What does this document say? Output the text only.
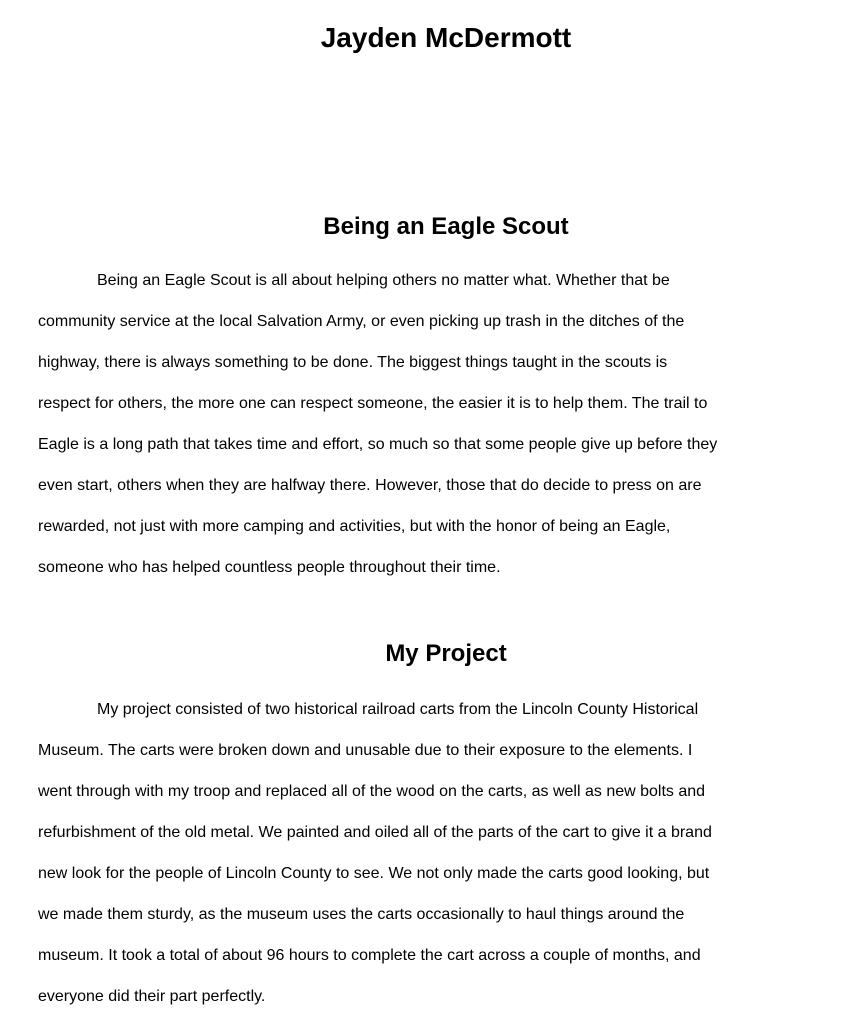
Jayden McDermott
Being an Eagle Scout
Being an Eagle Scout is all about helping others no matter what. Whether that be
community service at the local Salvation Army, or even picking up trash in the ditches of the
highway, there is always something to be done. The biggest things taught in the scouts is
respect for others, the more one can respect someone, the easier it is to help them. The trail to
Eagle is a long path that takes time and effort, so much so that some people give up before they
even start, others when they are halfway there. However, those that do decide to press on are
rewarded, not just with more camping and activities, but with the honor of being an Eagle,
someone who has helped countless people throughout their time.
My Project
My project consisted of two historical railroad carts from the Lincoln County Historical
Museum. The carts were broken down and unusable due to their exposure to the elements. I
went through with my troop and replaced all of the wood on the carts, as well as new bolts and
refurbishment of the old metal. We painted and oiled all of the parts of the cart to give it a brand
new look for the people of Lincoln County to see. We not only made the carts good looking, but
we made them sturdy, as the museum uses the carts occasionally to haul things around the
museum. It took a total of about 96 hours to complete the cart across a couple of months, and
everyone did their part perfectly.
